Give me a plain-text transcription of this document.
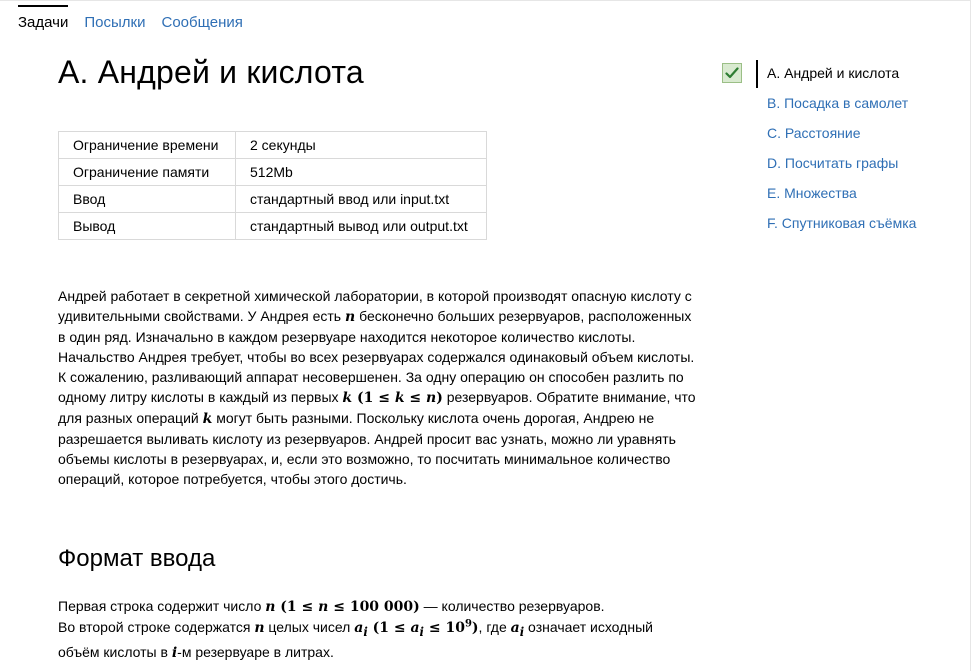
Задачи Посылки Сообщения
A. Андрей и кислота
Ограничение времени	2 секунды
Ограничение памяти	512Mb
Ввод	стандартный ввод или input.txt
Вывод	стандартный вывод или output.txt
Андрей работает в секретной химической лаборатории, в которой производят опасную кислоту с удивительными свойствами. У Андрея есть n бесконечно больших резервуаров, расположенных в один ряд. Изначально в каждом резервуаре находится некоторое количество кислоты. Начальство Андрея требует, чтобы во всех резервуарах содержался одинаковый объем кислоты. К сожалению, разливающий аппарат несовершенен. За одну операцию он способен разлить по одному литру кислоты в каждый из первых k (1 ≤ k ≤ n) резервуаров. Обратите внимание, что для разных операций k могут быть разными. Поскольку кислота очень дорогая, Андрею не разрешается выливать кислоту из резервуаров. Андрей просит вас узнать, можно ли уравнять объемы кислоты в резервуарах, и, если это возможно, то посчитать минимальное количество операций, которое потребуется, чтобы этого достичь.
Формат ввода
Первая строка содержит число n (1 ≤ n ≤ 100 000) — количество резервуаров.
Во второй строке содержатся n целых чисел $a_i$ $(1 \le a_i \le 10^9)$, где $a_i$ означает исходный объём кислоты в i-м резервуаре в литрах.
A. Андрей и кислота
B. Посадка в самолет
C. Расстояние
D. Посчитать графы
E. Множества
F. Спутниковая съёмка
